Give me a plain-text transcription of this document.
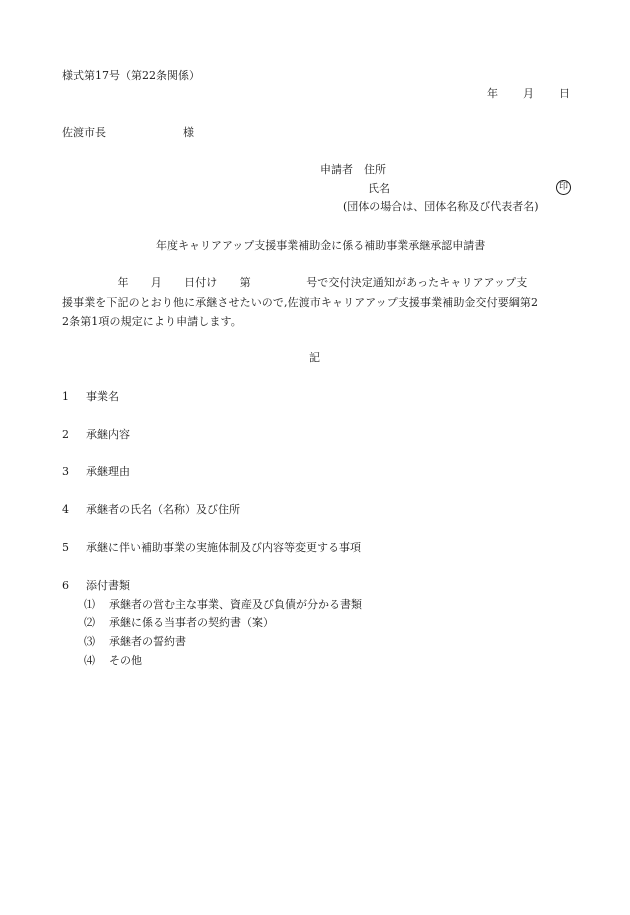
様式第17号（第22条関係）
年　　月　　日
佐渡市長　　　　　　　様
申請者　住所
氏名	印
(団体の場合は、団体名称及び代表者名)
年度キャリアアップ支援事業補助金に係る補助事業承継承認申請書
　　　　　年　　月　　日付け　　第　　　　　号で交付決定通知があったキャリアアップ支
援事業を下記のとおり他に承継させたいので,佐渡市キャリアアップ支援事業補助金交付要綱第2
2条第1項の規定により申請します。
記
1 事業名
2 承継内容
3 承継理由
4 承継者の氏名（名称）及び住所
5 承継に伴い補助事業の実施体制及び内容等変更する事項
6 添付書類
⑴ 承継者の営む主な事業、資産及び負債が分かる書類
⑵ 承継に係る当事者の契約書（案）
⑶ 承継者の誓約書
⑷ その他
